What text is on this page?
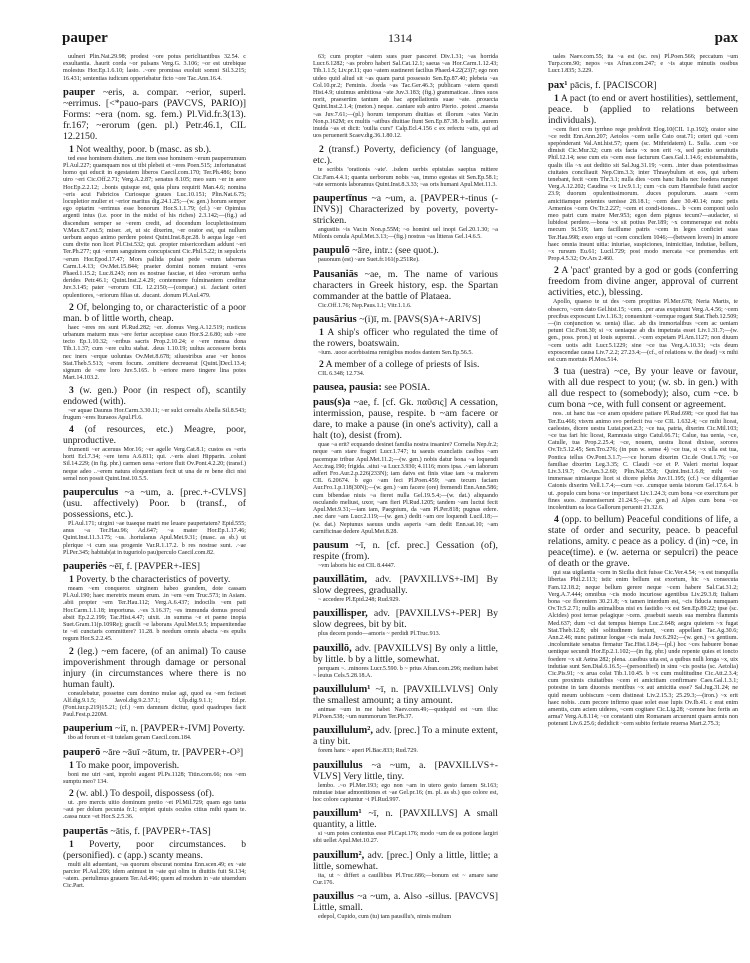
pauper	1314	pax
uulneri Plin.Nat.29.98; prodest ~ore potus periclitantibus 32.54. c exsultantia. .haurit corda ~or pulsans Verg.G. 3.106; ~or est utrebique molestus Hor.Ep.1.6.10; lasto. .~ore promissa euoluit somni Sil.3.215; 16.431; sententias iudicum opperiebatur ficto ~ore Tac.Ann.16.4.
pauper ~eris, a. compar. ~erior, superl. ~errimus. [<*pauo-pars (PAVCVS, PARIO)] Forms: ~era (nom. sg. fem.) Pl.Vid.fr.3(13). fr.167; ~erorum (gen. pl.) Petr.46.1, CIL 12.2150.
1 Not wealthy, poor. b (masc. as sb.).
ted esse hominem diuitem. .me item esse hominem ~erum pauperrumum Pl.Aul.227; quamquam nos ui tibi plebeii et ~eres Poen.515; .infortunatust homo qui educit in egestatem liberos Caecil.com.170; Ter.Ph.486; bono uiro ~eri Cic.Off.2.71; Verg.A.2.87; senatus 8.105; meo sum ~er in aere Hor.Ep.2.2.12; ..bonis quisque est, quia plura requirit Man.4.6; nomina ~eris acui Fabricios Curiosque graues Luc.10.151; Plin.Nat.6.75; locupletior mulier et ~erior maritus dig.24.1.25;—(w. gen.) horum semper ego optarim ~errimus esse bonorum Hor.S.1.1.79; (cf.) ~er Opimius argenti intus (i.e. poor in the midst of his riches) 2.3.142;—(fig.) ad discendum semper se ~erem credit, ad docendum locupletissimum V.Max.8.7.ext.5; miser. .et, ut sic dixerim, ~er orator est, qui nullum uerbum aequo animo perdere potest Quint.Inst.8.pr.28. b aequa lege ~eri cum divite non licet Pl.Cist.532; qui. .propter misericordiam addunt ~eri Ter.Ph.277; qui ~erum sanguinem concupiscunt Cic.Phil.5.22; in sepulcris ~erum Hor.Epod.17.47; Mors pallida pulsat pede ~erum tabernas Carm.1.4.13; Ov.Met.15.844; praeter domini nomen mutant ~eres Phaed.1.15.2; Luc.8.243; non es nostrae fasciae, et ideo ~erorum uerba derides Petr.46.1; Quint.Inst.2.4.29; contemnere fulminantem creditur Juv.3.145; pater ~erorum CIL 12.2150;—(compar.) si. .faciant ceteri opulentiores, ~eriorum filias ut. .ducant. .donum Pl.Aul.479.
2 Of, belonging to, or characteristic of a poor man. b of little worth, cheap.
haec ~eres res sunt Pl.Rud.282; ~er. .domus Verg.A.12.519; rusticus urbanum maturm mus ~ere fertur accepisse cauo Hor.S.2.6.80; sub ~ere tecto Ep.1.10.32; ~eribus sacris Prop.2.10.24; e ~ere mensa dona Tib.1.1.37; cum ~ere cultu stabat. .deus 1.10.19; uultus accessere bonis nec iners ~erque uoluntas Ov.Met.8.678; siluestribus arae ~er honos Stat.Theb.5.513; ~erem focum. .omittere decreuerat [Quint.]Decl.13.4; signum de ~ere loro Juv.5.165. b ~eriore mero tingere lina potes Mart.14.103.2.
3 (w. gen.) Poor (in respect of), scantily endowed (with).
~er aquae Daunus Hor.Carm.3.30.11; ~er sulci cerealis Abella Sil.8.543; frugum ~eres Ituraeos Apul.Fl.6.
4 (of resources, etc.) Meagre, poor, unproductive.
frumenti ~er aceruus Mor.16; ~er agelle Verg.Cat.8.1; custos es ~eris horti Ecl.7.34; ~ere terra A.6.811; qui. .~eris aluei Hipparin. .colunt Sil.14.229; (in fig. phr.) carmen uena ~eriore fluit Ov.Pont.4.2.20; (transf.) neque adeo ..~erem natura eloquentiam fecit ut una de re bene dici nisi semel non possit Quint.Inst.10.5.5.
pauperculus ~a ~um, a. [prec.+-CVLVS] (usu. affectively) Poor. b (transf., of possessions, etc.).
Pl.Aul.171; uirgini ~ae tuaeque matri me leuare paupertatem? Epid.555; anus ~a Ter.Hau.96; Ad.647; ~a mater Hor.Ep.1.17.46; Quint.Inst.11.3.175; ~us. .hortulanus Apul.Met.9.31; (masc. as sb.) ut plerique ~i cum sua progenie Var.R.1.17.2. b res nostrae sunt. .~ae Pl.Per.345; habitab(at in tuguriolo pau)perculo Caecil.com.82.
pauperiēs ~ēī, f. [PAVPER+-IES]
1 Poverty. b the characteristics of poverty.
meam ~em conqueror. uirginem habeo grandem, dote cassam Pl.Aul.190; haec meretrix meum erum. .in ~em ~em Truc.573; in Asiam. .abii propter ~em Ter.Hau.112; Verg.A.6.437; indocilis ~em pati Hor.Carm.1.1.18; importuna. .~es 3.16.37; ~es immunda domus procul absit Ep.2.2.199; Tac.Hist.4.47; uixit. .in summa ~e et paene inopia Suet.Gram.11(p.109Re); gracili ~e laborans Apul.Met.9.5; impaenitendae te ~ei cunctaris committere? 11.28. b needum omnis abacta ~es epulis regum Hor.S.2.2.45.
2 (leg.) ~em facere, (of an animal) To cause impoverishment through damage or personal injury (in circumstances where there is no human fault).
consulebatur, possetne cum domino mulae agi, quod ea ~em fecisset Alf.dig.9.1.5; Javol.dig.9.2.37.1; Ulp.dig.9.1.1; Ed.pr.(Font.iur.p.219)15.21; (cf.) ~em damnum dicitur, quod quadrupes facit Paul.Fest.p.220M.
pauperium ~iī, n. [PAVPER+-IVM] Poverty.
ibo ad forum et ~ii tutelam geram Caecil.com.184.
pauperō ~āre ~āuī ~ātum, tr. [PAVPER+-O³]
1 To make poor, impoverish.
boni me uiri ~ant, inprobi augent Pl.Ps.1128; Titin.com.66; nos ~em sumptu meo? 134.
2 (w. abl.) To despoil, dispossess (of).
ut. .pro mercis uitio dominum pretio ~et Pl.Mil.729; quam ego tanta ~aui per dolum pecunia fr.1; eripiet quiuis oculos citius mihi quam te. .cassa nuce ~et Hor.S.2.5.36.
paupertās ~ātis, f. [PAVPER+-TAS]
1 Poverty, poor circumstances. b (personified). c (app.) scanty means.
multi alii aduentant, ~as quorum obscurat nomina Enn.scen.49; ex ~ate parcior Pl.Aul.206; idem animust in ~ate qui olim in diuitiis fuit St.134; ~atem. .pertulimus grauem Ter.Ad.496; quem ad modum in ~ate uiuendum Cic.Part.
63; cum propter ~atem sues puer pasceret Div.1.31; ~as horrida Lucr.6.1282; ~as probro haberi Sal.Cat.12.1; saeua ~as Hor.Carm.1.12.43; Tib.1.1.5; Liv.pr.11; quo ~atem sustineret facilius Phaed.4.22(23)7; ego non uideo quid aliud sit ~as quam parui possessio Sen.Ep.87.40; plebeia ~as Col.10.pr.2; Feminis. .foeda ~as Tac.Ger.46.3; publicam ~atem questi Hist.4.9; uiuimus ambitiosa ~ate Juv.3.183; (fig.) grammaticae. .fines suos norit, praesertim tantum ab hac appellationis suae ~ate. .prouecta Quint.Inst.2.1.4; (meton.) neque. .cantare sub antro Pierio. .potest ..maesta ~as Juv.7.61;—(pl.) horum temporum diuitias et illorum ~ates Var.in Non.p.162M; ex multis ~atibus diuitiae fiunt Sen.Ep.87.38. b uellit. .aurem inuida ~as et dicit: 'ouilia curs!' Calp.Ecl.4.156 c ex refectu ~atis, qui ad uos peruenerit Scaev.dig.36.1.80.12.
2 (transf.) Poverty, deficiency (of language, etc.).
te scribis 'orationis ~ate'. .isdem uerbis epistulas saepius mittere Cic.Fam.4.4.1; quanta uerborum nobis ~as, immo egestas sit Sen.Ep.58.1; ~ate sermonis laboramus Quint.Inst.8.3.33; ~as oris humani Apul.Met.11.3.
paupertīnus ~a ~um, a. [PAVPER+-tinus (-INVS)] Characterized by poverty, poverty-stricken.
angustiis ~is Var.in Non.p.55M; ~o homini uel inopi Gel.20.1.30; ~a Milonis cenula Apul.Met.3.13;—(fig.) nostras ~as litteras Gel.14.6.5.
paupulō ~āre, intr.: (see quot.).
pauonum (est) ~are Suet.fr.161(p.251Re).
Pausaniās ~ae, m. The name of various characters in Greek history, esp. the Spartan commander at the battle of Plataea.
Cic.Off.1.76; Nep.Paus.1.1; Vitr.1.1.6.
pausārius ~(i)ī, m. [PAVS(S)A+-ARIVS]
1 A ship's officer who regulated the time of the rowers, boatswain.
~ium. .uoce acerbissima remigibus modos dantem Sen.Ep.56.5.
2 A member of a college of priests of Isis.
CIL 6.348; 12.734.
pausea, pausia: see POSIA.
paus(s)a ~ae, f. [cf. Gk. παῦσις] A cessation, intermission, pause, respite. b ~am facere or dare, to make a pause (in one's activity), call a halt (to), desist (from).
quae ~a erit? ecquando desinet familia nostra insanire? Cornelia Nep.fr.2; neque ~am stare fragori Lucr.1.747; tu saeuis exanclatis casibus ~am pacemque tribue Apul.Met.11.2;—(w. gen.) nobis datur bona ~a loquendi Acc.trag.190; frigida. .situi ~a Lucr.3.930; 4.1116; mors ipsa. .~am laborum adfert Fro.Aur.2.p.226(233N); iam datvs est finis vitae iam ~a malorvm CIL 6.20674. b ego ~am feci Pl.Poen.459; ~am tecum faciam Aur.Fro.1.p.118(30N);—(w. gen.) ~am facere (ore) fremendi Enn.Ann.586; cum bibendae niuis ~a fieret nulla Gel.19.5.4;—(w. dat.) aliquando osculando meliust, uxor, ~am fieri Pl.Rud.1205; tandem ~am luctui fecit Apul.Met.9.31;—iam iam, Paegnium, da ~am Pl.Per.818; pugnas edere. .nec dare ~am Lucr.2.119;—(w. gen.) dedit ~am ore loquendi Lucil.18;—(w. dat.) Neptunus saeuus undis asperis ~am dedit Enn.sat.10; ~am carnificinae dedere Apul.Met.8.28.
pausum ~ī, n. [cf. prec.] Cessation (of), respite (from).
~vm laboris hic est CIL 8.4447.
pauxillātim, adv. [PAVXILLVS+-IM] By slow degrees, gradually.
~ accedere Pl.Epid.248; Rud.929.
pauxillisper, adv. [PAVXILLVS+-PER] By slow degrees, bit by bit.
plus decem pondo—amoris ~ perdidi Pl.Truc.913.
pauxillō, adv. [PAVXILLVS] By only a little, by little. b by a little, somewhat.
perquam ~. .minores Lucr.5.590. b ~ prius Afran.com.296; medium habet ~ leuius Cels.5.28.18.A.
pauxillulum¹ ~ī, n. [PAVXILLVLVS] Only the smallest amount; a tiny amount.
animae ~um in me habet Naev.com.49;—quidquid est ~um illuc Pl.Poen.538; ~um nummorum Ter.Ph.37.
pauxillulum², adv. [prec.] To a minute extent, a tiny bit.
forem hanc ~ aperi Pl.Bac.833; Rud.729.
pauxillulus ~a ~um, a. [PAVXILLVS+-VLVS] Very little, tiny.
lembo. .~o Pl.Mer.193; ego non ~am in utero gesto famem St.163; minutae istae admonitiones et ~ae Gel.pr.16; (m. pl. as sb.) quo colore est, hoc colore capiuntur ~i Pl.Rud.997.
pauxillum¹ ~ī, n. [PAVXILLVS] A small quantity, a little.
si ~um potes contentus esse Pl.Capt.176; modo ~um de ea potione largiri sibi uellet Apul.Met.10.27.
pauxillum², adv. [prec.] Only a little, little; a little, somewhat.
ita, ut ~ differt a cauillibus Pl.Truc.686;—bonum est ~ amare sane Cur.176.
pauxillus ~a ~um, a. Also -sillus. [PAVCVS] Little, small.
edepol, Cupido, cum (tu) tam pausillu's, nimis multum
uales Naev.com.55; ita ~a est (sc. res) Pl.Poen.566; peccatum ~um Turp.com.90; nepos ~us Afran.com.247; e ~is atque minutis ossibus Lucr.1.835; 3.229.
pax¹ pācis, f. [PACISCOR]
1 A pact (to end or avert hostilities), settlement, peace. b (applied to relations between individuals).
~cem fieri cvm tyrrhno rege prohibvit Elog.10(CIL 1.p.192); orator sine ~ce redit Enn.Ann.207; Aetolos ~cem uelle Cato orat.71; ceteri qui ~cem spepònderant Val.Ant.hist.57; quem (sc. Mithridatem) L. Sulla. .cum ~ce dimisit Cic.Mur.32; cum eis facta ~x non erit ~x, sed pactio seruitutis Phil.12.14; sese cum eis ~cem esse facturum Caes.Gal.1.14.6; existumabitis, qualis illa ~x aut deditio sit Sal.Jug.31.19; ~cem. .inter duas potentissimas ciuitates conciliauit Nep.Cim.3.3; inter Thrasybulum et eos, qui urbem tenebant, fecit ~cem Thr.3.1; nulla dies ~cem hanc Italis nec foedera rumpet Verg.A.12.202; Caudina ~x Liv.9.1.1; cum ~cis cum Hannibale fuisti auctor 23.9; duorum opulentissimorum. .duces populorum. .suam ~cem amicitiamque petentes uenisse 28.18.1; ~cem dare 30.40.14; nunc petis Armenios ~cem Ov.Tr.2.227; ~cem et condi-tiones... b ~cem componi uolo meo patri cum matre Mer.953; egon dem pignus tecum?—audacter, si lubidost perdere.—bona ~x sit potius Per.189; ~x commersque est nobis mecum St.519; tam facillume patris ~cem in leges conficiet suas Ter.Hau.998; exeo ergo ut ~cem concilem 1046;—(between lovers) in amore haec omnia insunt uitia: iniuriae, suspiciones, inimicitiae, indutiae, bellum, ~x rursum Eu.61; Lucil.729; post modo mercata ~ce premendus erit Prop.4.5.32; Ov.Ars 2.460.
2 A 'pact' granted by a god or gods (conferring freedom from divine anger, approval of current activities, etc.), blessing.
Apollo, quaeso te ut des ~cem propitius Pl.Mer.678; Neria Martis, te obsecro, ~cem dato Gel.hist.15; ~cem. .per aras exquirunt Verg.A.4.56; ~cem precibus exposcunt Liv.1.16.3; conueniunt ~cemque rogant Stat.Theb.12.509;—(in conjunction w. uenia) illac. .ab dis immortalibus ~cem ac ueniam petunt Cic.Font.30; si ~x ueniaque ab dis impetrata esset Liv.1.31.7;—(w. gen., poss. pron.) ut Iouis supremi. .~cem expetam Pl.Am.1127; non diuum ~cem uotis adit Lucr.5.1229; sine ~ce tua Verg.A.10.31; ~cis deum exposcendae causa Liv.7.2.2; 27.23.4;—(cf., of relations w. the dead) ~x mihi est cum mortuis Pl.Mos.514.
3 tua (uestra) ~ce, By your leave or favour, with all due respect to you; (w. sb. in gen.) with all due respect to (somebody); also, cum ~ce. b cum bona ~ce, with full consent or agreement.
nos. .ut hanc tua ~ce aram opsidere patiare Pl.Rud.698; ~ce quod fiat tua Ter.Eu.466; visvm animo svo perfecit tva ~ce CIL 1.632.4; ~ce mihi liceat, caelestes, dicere uestra Lutat.poet.2.3; ~ce tua, patria, dixerim Cic.Mil.103; ~ce tua fari hic liceat, Ramnusia uirgo Catul.66.71; Calue, tua uenia, ~ce, Catulle, tua Prop.2.25.4; ~ce, nouem, uestra liceat dixisse, sorores Ov.Tr.5.12.45; Sen.Tro.276; (in pun w. sense 4) ~ce tua, si ~x ulla est tua, Pontica tellus Ov.Pont.3.1.7;—~ce horum dixerim Cic.de Orat.1.76; ~ce familiae dixerim Leg.3.35; C. Claudi ~ce et P. Valeri mortui loquar Liv.3.19.7; Ov.Am.3.2.60; Plin.Nat.35.8; Quint.Inst.1.6.8; mihi ~ce immensae nimiaeque licet si dicere plebis Juv.11.195; (cf.) ~ce diligentiae Catonis dixerim Vell.1.7.4;—cum ~ce. .cumque uenia istorum Gel.17.6.4. b ut. .populo cum bona ~ce imperitaret Liv.1.24.3; cum bona ~ce exercitum per fines suos. .transmiserunt 21.24.5;—(w. gen.) ad Alpes cum bona ~ce incolentium ea loca Gallorum peruenit 21.32.6.
4 (opp. to bellum) Peaceful conditions of life, a state of order and security, peace. b peaceful relations, amity. c peace as a policy. d (in) ~ce, in peace(time). e (w. aeterna or sepulcri) the peace of death or the grave.
qui sua uigilantia ~cem in Sicilia dicit fuisse Cic.Ver.4.54; ~x est tranquilla libertas Phil.2.113; istic enim bellum est exortum, hic ~x consecuta Fam.12.18.2; neque bellum gerere neque ~cem habere Sal.Cat.31.2; Verg.A.7.444; omnibus ~cis modo incuriose agentibus Liv.29.3.8; Italiam bona ~ce florentem 30.21.8; ~x tamen interdum est, ~cis fiducia numquam Ov.Tr.5.2.71; nullis animalibus nisi ex fastidio ~x est Sen.Ep.89.22; ipse (sc. Alcides) post terrae pelagique ~cem. .praebuit saeuis sua membra flammis Med.637; dum ~ci dat tempus hiemps Luc.2.648; aegra quietem ~x fugat Stat.Theb.12.8; ubi solitudinem faciunt, ~cem appellant Tac.Ag.30.6; Ann.2.46; nunc patimur longae ~cis mala Juv.6.292;—(w. gen.) ~x gentium. .incolumitate senatus firmatur Tac.Hist.1.84;—(pl.) hoc ~ces habuere bonae uentique secundi Hor.Ep.2.1.102;—(in fig. phr.) unde repente quies et ioncto foedere ~x sit Aetna 282; plena. .casibus uita est, a quibus nulli longa ~x, uix indutiae sunt Sen.Dial.6.16.5;—(personified) in sinu ~cis posita (sc. Aetolia) Cic.Pis.91; ~x arua colat Tib.1.10.45. b ~x cum multitudine Cic.Att.2.3.4; cum proximis ciuitatibus ~cem et amicitiam confirmare Caes.Gal.1.3.1; potestne in tam diuorsis mentibus ~x aut amicitia esse? Sal.Jug.31.24; ne quid meum uobiscum ~cem distineat Liv.2.15.3; 25.29.3;—(iron.) ~x erit haec nobis. .cum pecore infirmo quae solet esse lupis Ov.Ib.41. c erat enim amentis, cum aciem uideres, ~cem cogitare Cic.Lig.28; ~cemne huc fertis an arma? Verg.A.8.114; ~ce constanti uim Romanam arcuerunt quam armis non poterant Liv.6.25.6; dedidicit ~cem subito feritate reuersa Mart.2.75.3;
